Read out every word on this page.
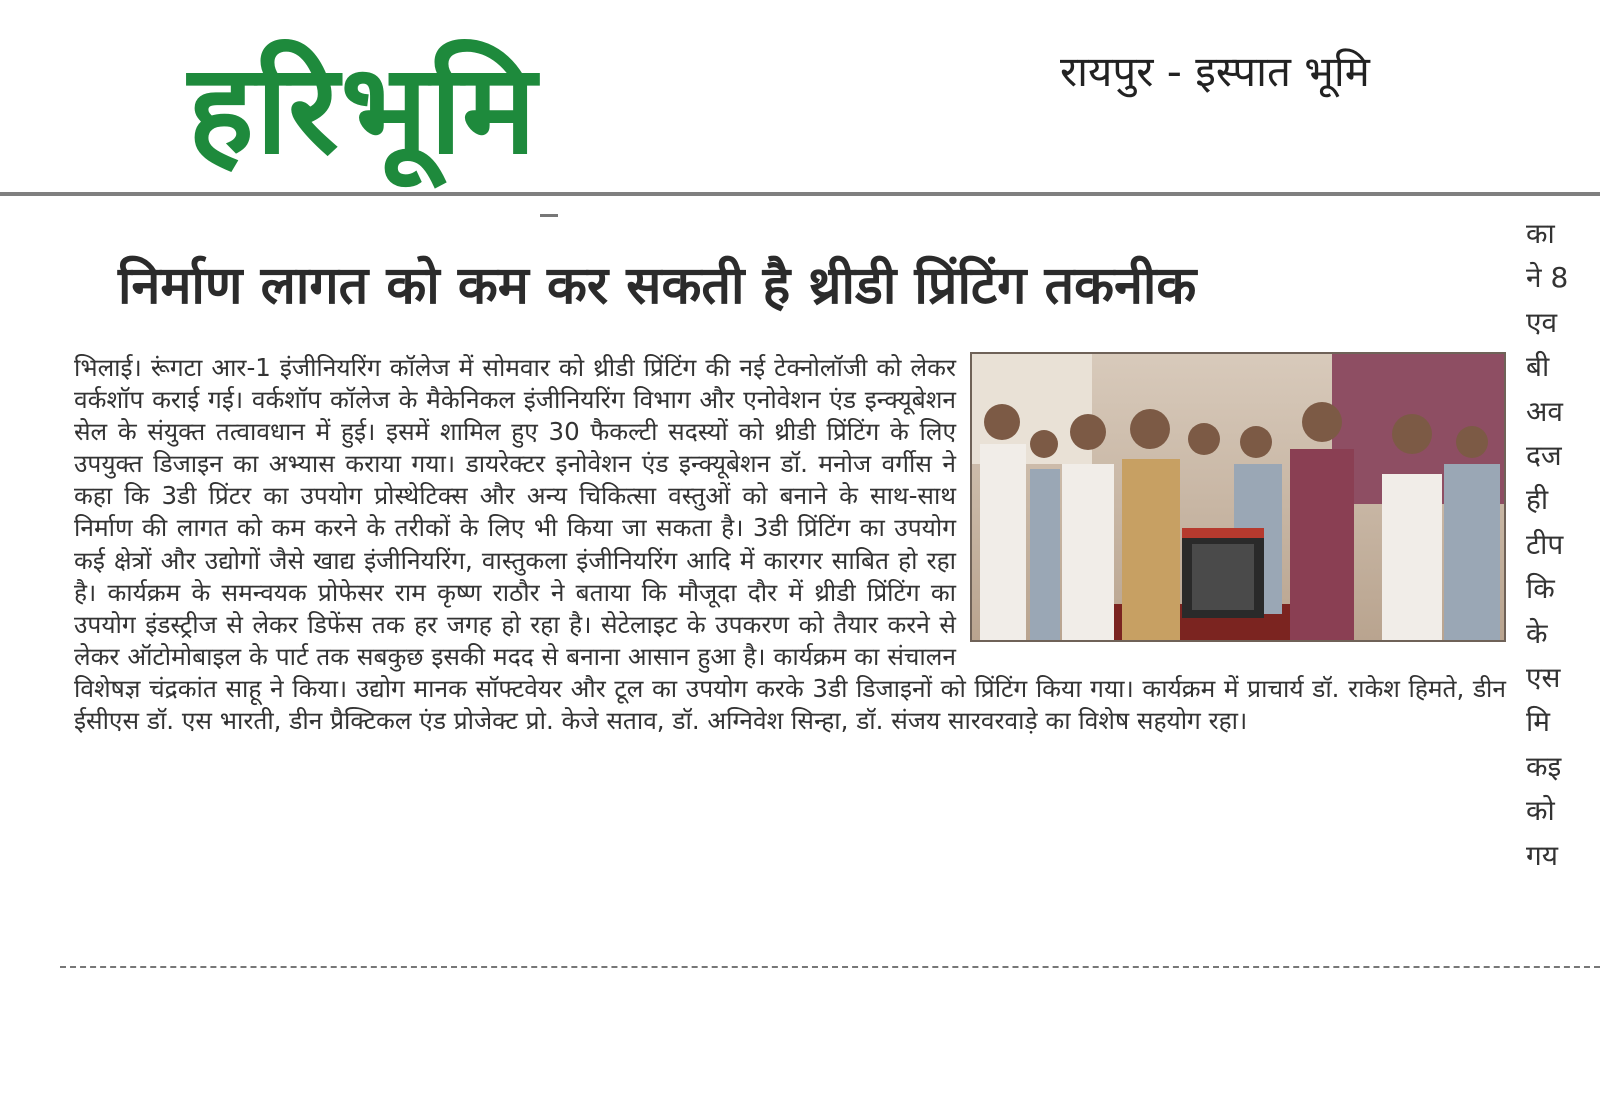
हरिभूमि	रायपुर - इस्पात भूमि
निर्माण लागत को कम कर सकती है थ्रीडी प्रिंटिंग तकनीक
भिलाई। रूंगटा आर-1 इंजीनियरिंग कॉलेज में सोमवार को थ्रीडी प्रिंटिंग की नई टेक्नोलॉजी को लेकर वर्कशॉप कराई गई। वर्कशॉप कॉलेज के मैकेनिकल इंजीनियरिंग विभाग और एनोवेशन एंड इन्क्यूबेशन सेल के संयुक्त तत्वावधान में हुई। इसमें शामिल हुए 30 फैकल्टी सदस्यों को थ्रीडी प्रिंटिंग के लिए उपयुक्त डिजाइन का अभ्यास कराया गया। डायरेक्टर इनोवेशन एंड इन्क्यूबेशन डॉ. मनोज वर्गीस ने कहा कि 3डी प्रिंटर का उपयोग प्रोस्थेटिक्स और अन्य चिकित्सा वस्तुओं को बनाने के साथ-साथ निर्माण की लागत को कम करने के तरीकों के लिए भी किया जा सकता है। 3डी प्रिंटिंग का उपयोग कई क्षेत्रों और उद्योगों जैसे खाद्य इंजीनियरिंग, वास्तुकला इंजीनियरिंग आदि में कारगर साबित हो रहा है। कार्यक्रम के समन्वयक प्रोफेसर राम कृष्ण राठौर ने बताया कि मौजूदा दौर में थ्रीडी प्रिंटिंग का उपयोग इंडस्ट्रीज से लेकर डिफेंस तक हर जगह हो रहा है। सेटेलाइट के उपकरण को तैयार करने से लेकर ऑटोमोबाइल के पार्ट तक सबकुछ इसकी मदद से बनाना आसान हुआ है। कार्यक्रम का संचालन विशेषज्ञ चंद्रकांत साहू ने किया। उद्योग मानक सॉफ्टवेयर और टूल का उपयोग करके 3डी डिजाइनों को प्रिंटिंग किया गया। कार्यक्रम में प्राचार्य डॉ. राकेश हिमते, डीन ईसीएस डॉ. एस भारती, डीन प्रैक्टिकल एंड प्रोजेक्ट प्रो. केजे सताव, डॉ. अग्निवेश सिन्हा, डॉ. संजय सारवरवाड़े का विशेष सहयोग रहा।
का
ने 8
एव
बी
अव
दज
ही
टीप
कि
के
एस
मि
कइ
को
गय
